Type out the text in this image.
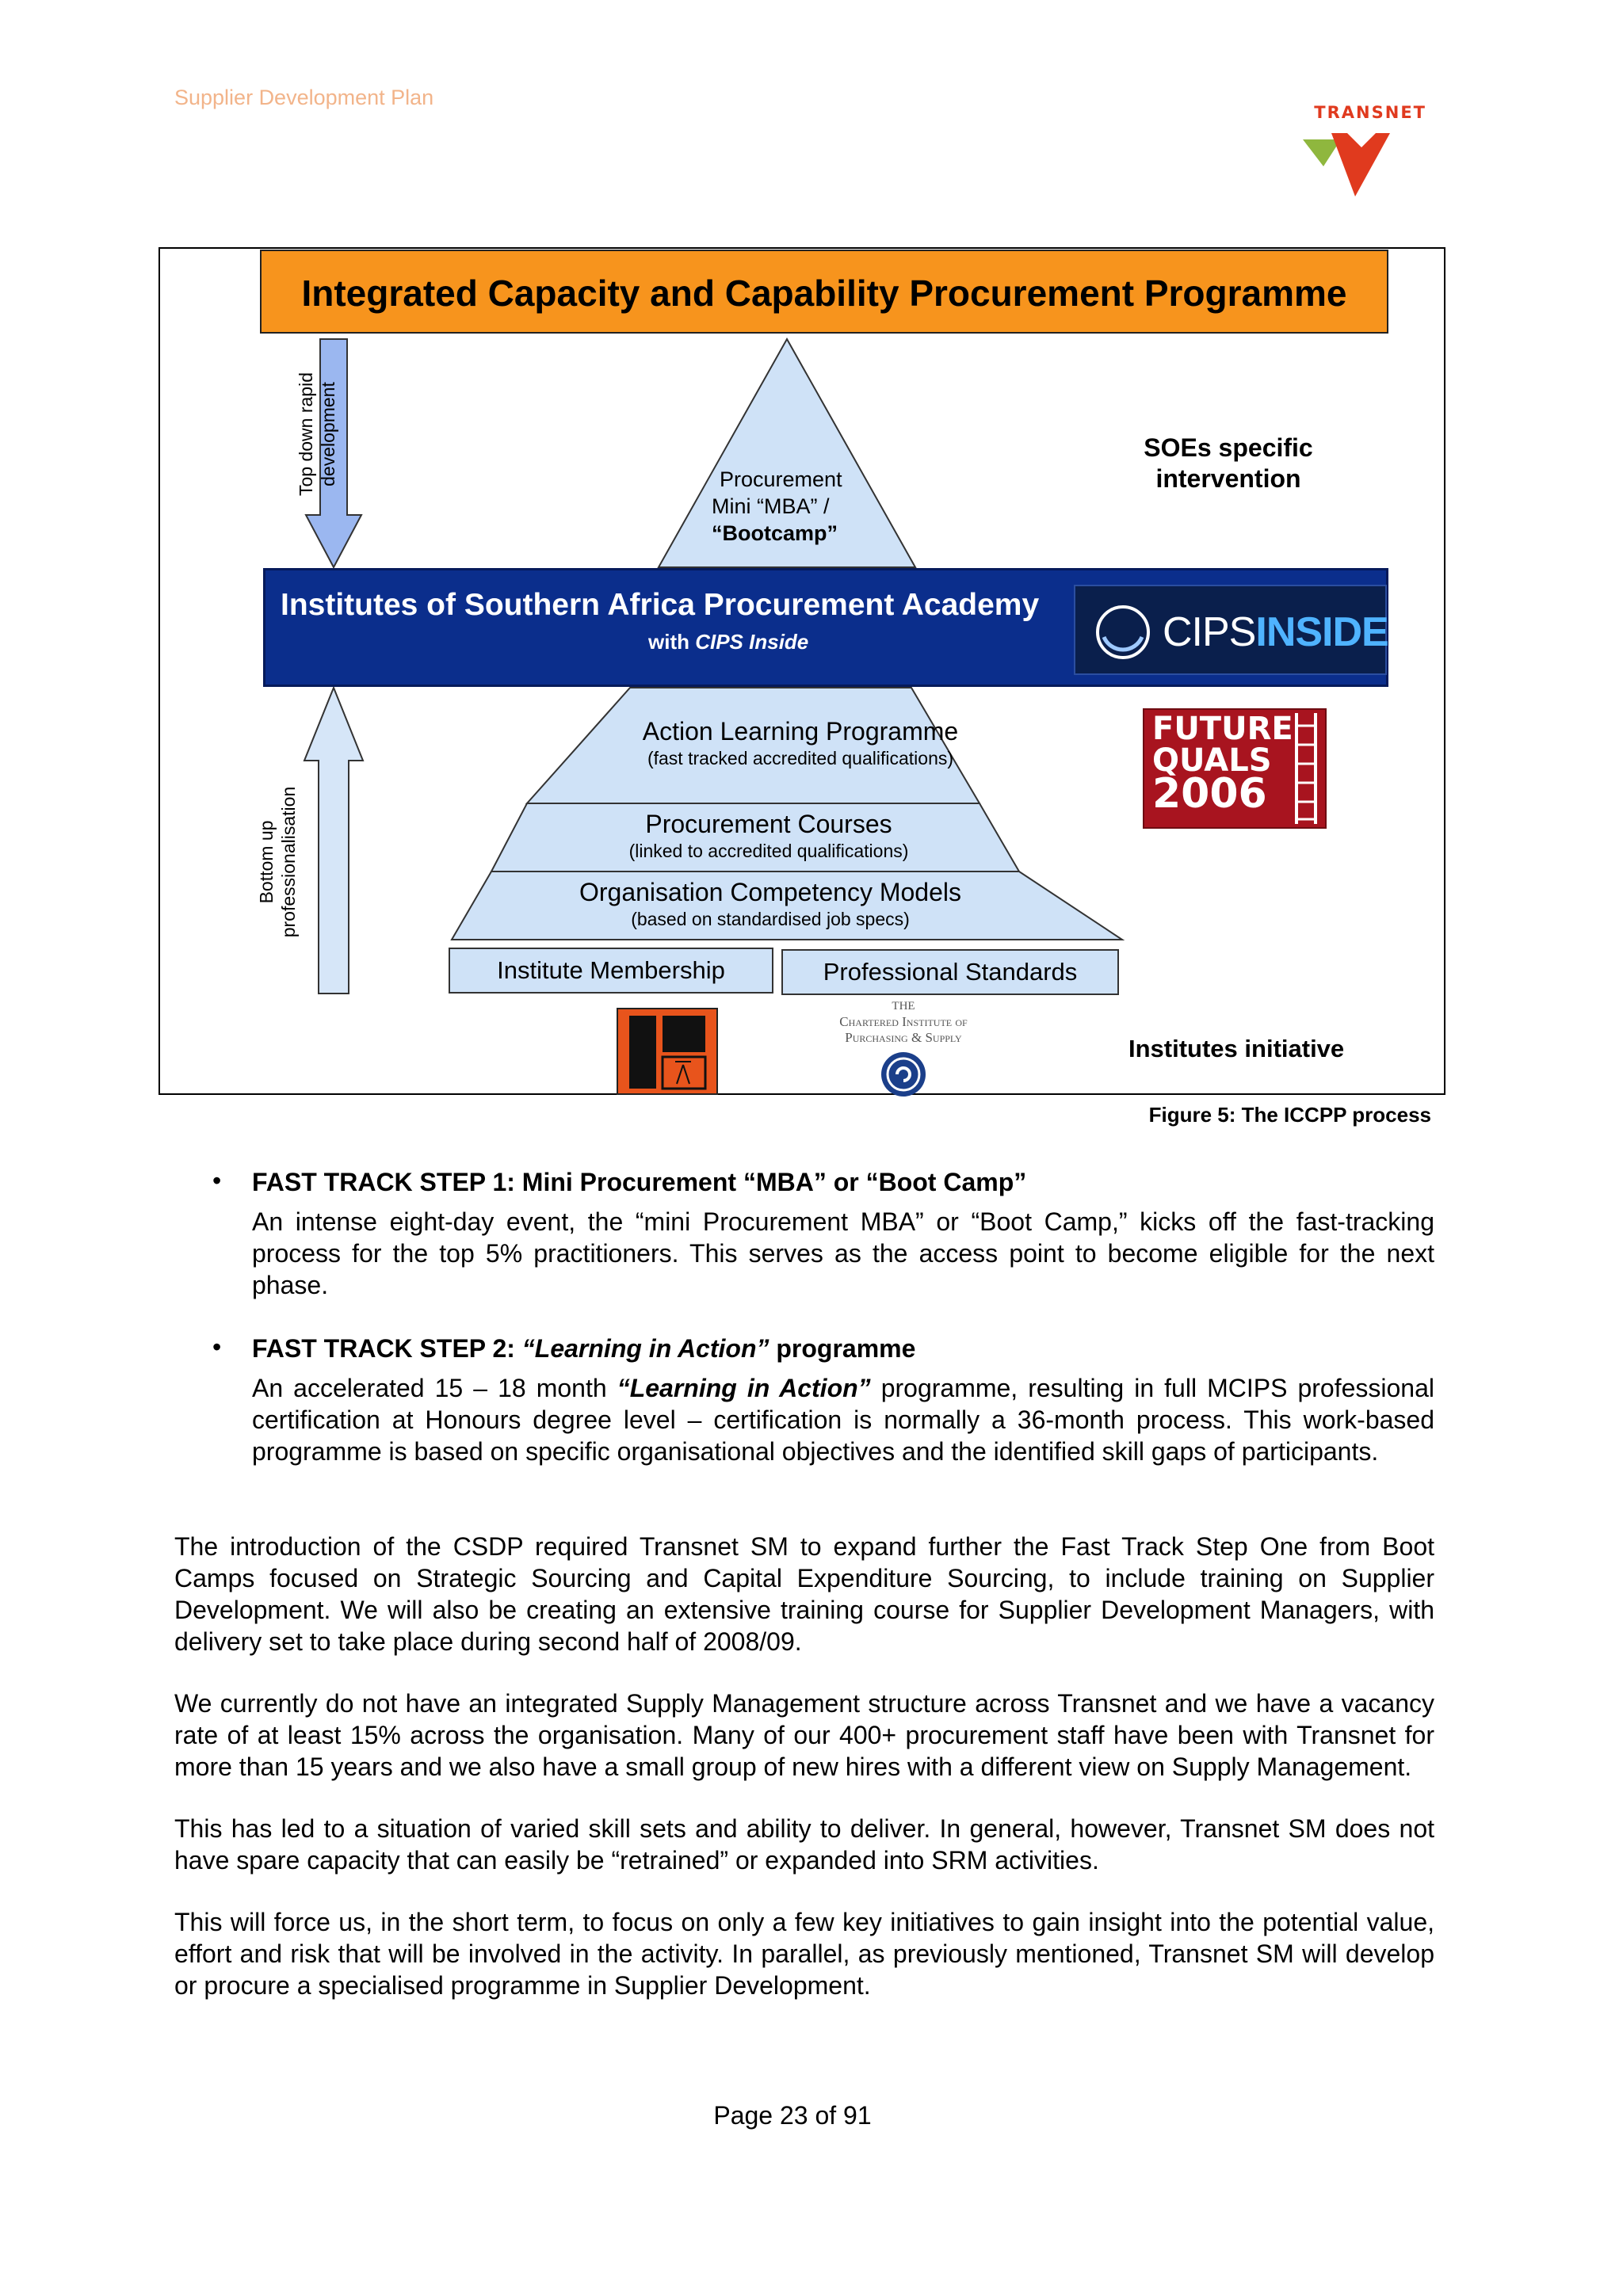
Supplier Development Plan
TRANSNET
Integrated Capacity and Capability Procurement Programme
Top down rapid development
Bottom up professionalisation
Procurement
Mini “MBA” /
“Bootcamp”
SOEs specific
intervention
Institutes of Southern Africa Procurement Academy
with CIPS Inside	CIPSINSIDE
FUTURE
QUALS
2006
Action Learning Programme
(fast tracked accredited qualifications)
Procurement Courses
(linked to accredited qualifications)
Organisation Competency Models
(based on standardised job specs)
Institute Membership	Professional Standards
THE
Chartered Institute of
Purchasing & Supply	Institutes initiative
Figure 5: The ICCPP process
• FAST TRACK STEP 1: Mini Procurement “MBA” or “Boot Camp”
An intense eight-day event, the “mini Procurement MBA” or “Boot Camp,” kicks off the fast-tracking process for the top 5% practitioners. This serves as the access point to become eligible for the next phase.
• FAST TRACK STEP 2: “Learning in Action” programme
An accelerated 15 – 18 month “Learning in Action” programme, resulting in full MCIPS professional certification at Honours degree level – certification is normally a 36-month process. This work-based programme is based on specific organisational objectives and the identified skill gaps of participants.

The introduction of the CSDP required Transnet SM to expand further the Fast Track Step One from Boot Camps focused on Strategic Sourcing and Capital Expenditure Sourcing, to include training on Supplier Development. We will also be creating an extensive training course for Supplier Development Managers, with delivery set to take place during second half of 2008/09.

We currently do not have an integrated Supply Management structure across Transnet and we have a vacancy rate of at least 15% across the organisation. Many of our 400+ procurement staff have been with Transnet for more than 15 years and we also have a small group of new hires with a different view on Supply Management.

This has led to a situation of varied skill sets and ability to deliver. In general, however, Transnet SM does not have spare capacity that can easily be “retrained” or expanded into SRM activities.

This will force us, in the short term, to focus on only a few key initiatives to gain insight into the potential value, effort and risk that will be involved in the activity. In parallel, as previously mentioned, Transnet SM will develop or procure a specialised programme in Supplier Development.

Page 23 of 91
